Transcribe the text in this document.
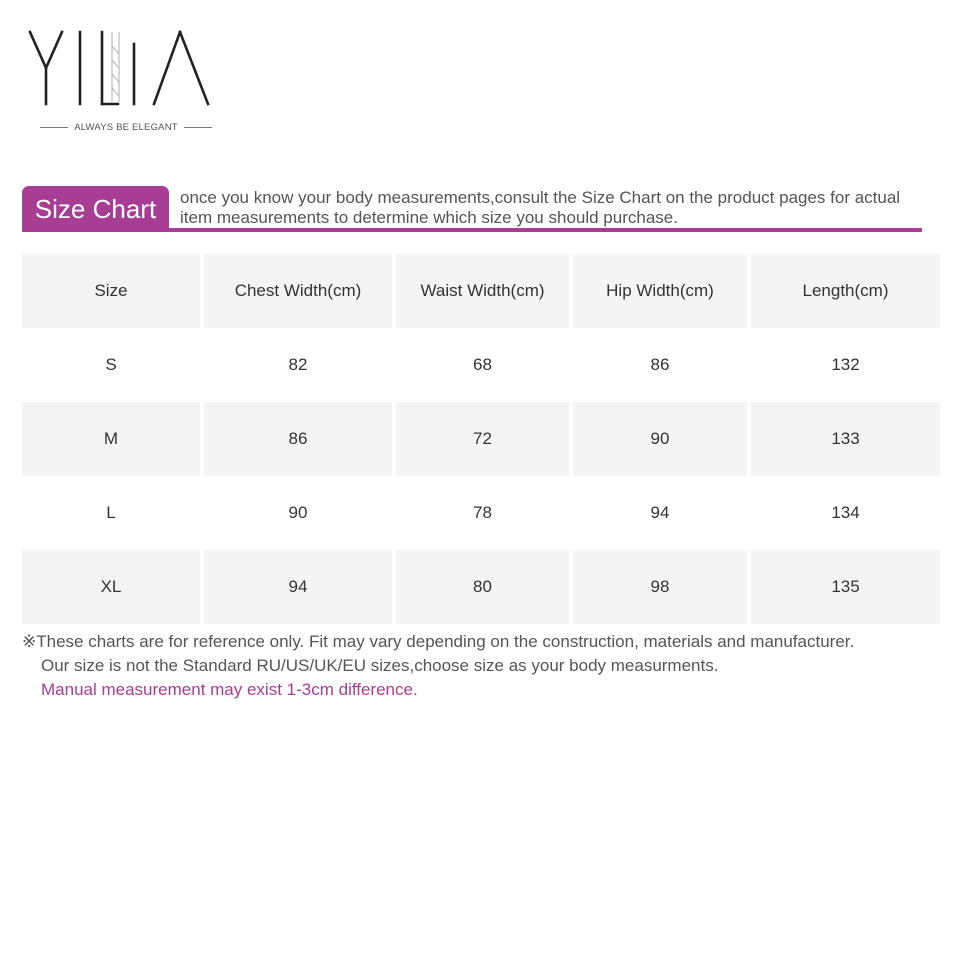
ALWAYS BE ELEGANT
Size Chart	once you know your body measurements,consult the Size Chart on the product pages for actual item measurements to determine which size you should purchase.
Size	Chest Width(cm)	Waist Width(cm)	Hip Width(cm)	Length(cm)
S	82	68	86	132
M	86	72	90	133
L	90	78	94	134
XL	94	80	98	135
※These charts are for reference only. Fit may vary depending on the construction, materials and manufacturer.
Our size is not the Standard RU/US/UK/EU sizes,choose size as your body measurments.
Manual measurement may exist 1-3cm difference.
